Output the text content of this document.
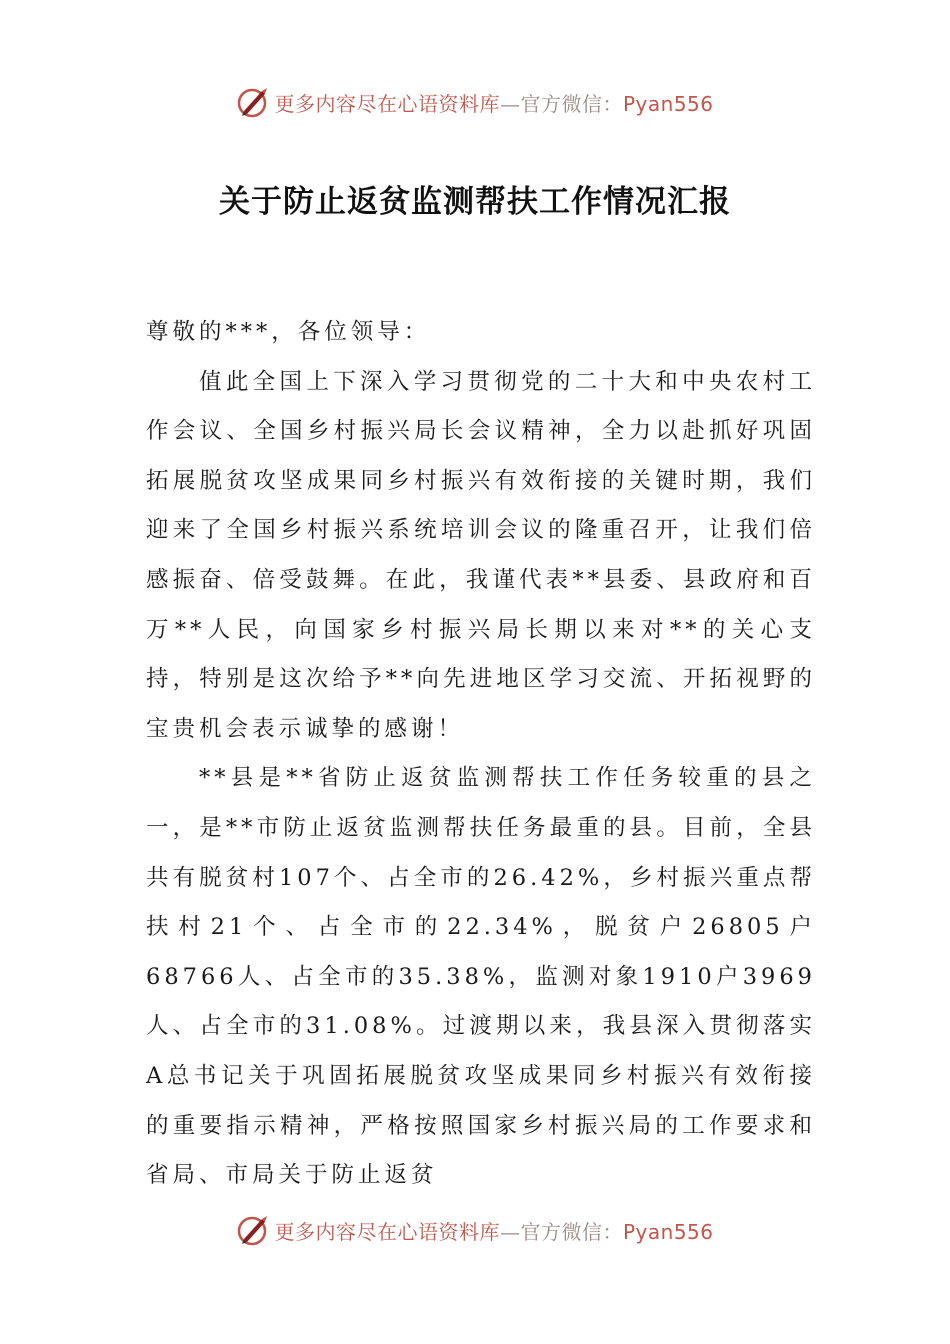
更多内容尽在心语资料库—官方微信：Pyan556
关于防止返贫监测帮扶工作情况汇报

尊敬的***，各位领导：

值此全国上下深入学习贯彻党的二十大和中央农村工作会议、全国乡村振兴局长会议精神，全力以赴抓好巩固拓展脱贫攻坚成果同乡村振兴有效衔接的关键时期，我们迎来了全国乡村振兴系统培训会议的隆重召开，让我们倍感振奋、倍受鼓舞。在此，我谨代表**县委、县政府和百万**人民，向国家乡村振兴局长期以来对**的关心支持，特别是这次给予**向先进地区学习交流、开拓视野的宝贵机会表示诚挚的感谢！

**县是**省防止返贫监测帮扶工作任务较重的县之一，是**市防止返贫监测帮扶任务最重的县。目前，全县共有脱贫村107个、占全市的26.42%，乡村振兴重点帮扶村21个、占全市的22.34%，脱贫户26805户68766人、占全市的35.38%，监测对象1910户3969人、占全市的31.08%。过渡期以来，我县深入贯彻落实A总书记关于巩固拓展脱贫攻坚成果同乡村振兴有效衔接的重要指示精神，严格按照国家乡村振兴局的工作要求和省局、市局关于防止返贫

更多内容尽在心语资料库—官方微信：Pyan556
